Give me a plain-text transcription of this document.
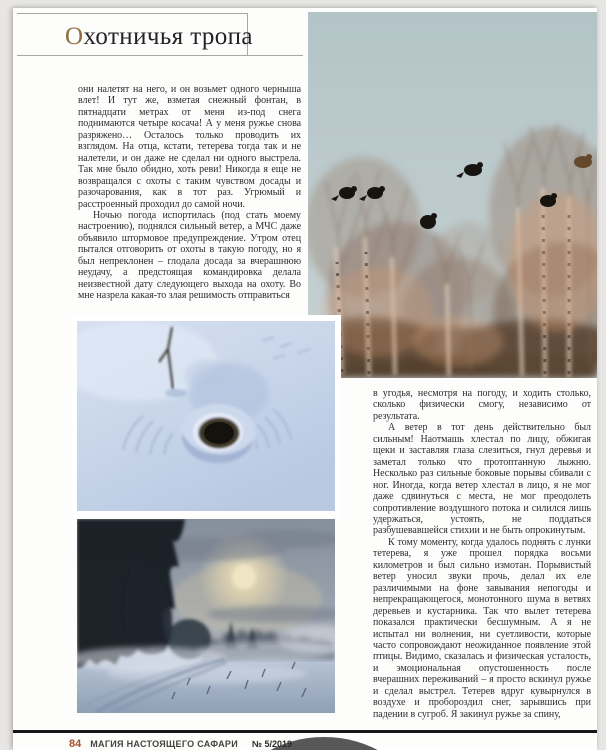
Охотничья тропа

они налетят на него, и он возьмет одного черныша влет! И тут же, взметая снежный фонтан, в пятнадцати метрах от меня из-под снега поднимаются четыре косача! А у меня ружье снова разряжено… Осталось только проводить их взглядом. На отца, кстати, тетерева тогда так и не налетели, и он даже не сделал ни одного выстрела. Так мне было обидно, хоть реви! Никогда я еще не возвращался с охоты с таким чувством досады и разочарования, как в тот раз. Угрюмый и расстроенный проходил до самой ночи.

Ночью погода испортилась (под стать моему настроению), поднялся сильный ветер, а МЧС даже объявило штормовое предупреждение. Утром отец пытался отговорить от охоты в такую погоду, но я был непреклонен – глодала досада за вчерашнюю неудачу, а предстоящая командировка делала неизвестной дату следующего выхода на охоту. Во мне назрела какая-то злая решимость отправиться

в угодья, несмотря на погоду, и ходить столько, сколько физически смогу, независимо от результата.

А ветер в тот день действительно был сильным! Наотмашь хлестал по лицу, обжигая щеки и заставляя глаза слезиться, гнул деревья и заметал только что протоптанную лыжню. Несколько раз сильные боковые порывы сбивали с ног. Иногда, когда ветер хлестал в лицо, я не мог даже сдвинуться с места, не мог преодолеть сопротивление воздушного потока и силился лишь удержаться, устоять, не поддаться разбушевавшейся стихии и не быть опрокинутым.

К тому моменту, когда удалось поднять с лунки тетерева, я уже прошел порядка восьми километров и был сильно измотан. Порывистый ветер уносил звуки прочь, делал их еле различимыми на фоне завывания непогоды и непрекращающегося, монотонного шума в ветвях деревьев и кустарника. Так что вылет тетерева показался практически бесшумным. А я не испытал ни волнения, ни суетливости, которые часто сопровождают неожиданное появление этой птицы. Видимо, сказалась и физическая усталость, и эмоциональная опустошенность после вчерашних переживаний – я просто вскинул ружье и сделал выстрел. Тетерев вдруг кувырнулся в воздухе и пробороздил снег, зарывшись при падении в сугроб. Я закинул ружье за спину,

84 МАГИЯ НАСТОЯЩЕГО САФАРИ № 5/2019
